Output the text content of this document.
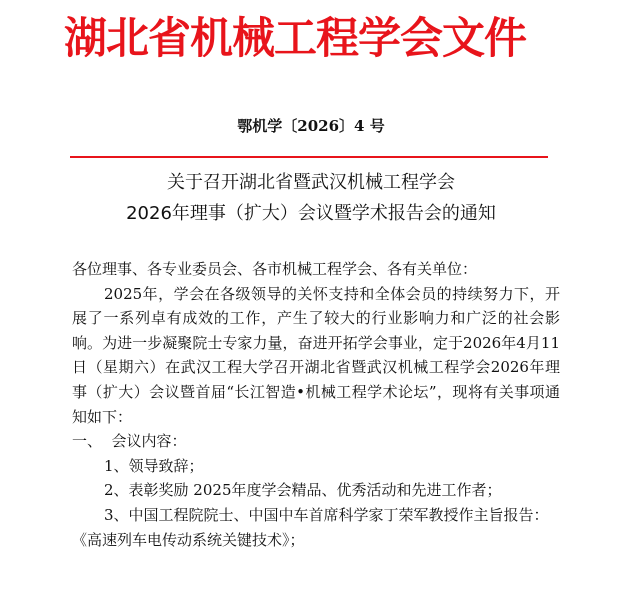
湖北省机械工程学会文件
鄂机学〔2026〕4 号
关于召开湖北省暨武汉机械工程学会
2026年理事（扩大）会议暨学术报告会的通知

各位理事、各专业委员会、各市机械工程学会、各有关单位：

2025年，学会在各级领导的关怀支持和全体会员的持续努力下，开展了一系列卓有成效的工作，产生了较大的行业影响力和广泛的社会影响。为进一步凝聚院士专家力量，奋进开拓学会事业，定于2026年4月11日（星期六）在武汉工程大学召开湖北省暨武汉机械工程学会2026年理事（扩大）会议暨首届“长江智造•机械工程学术论坛”，现将有关事项通知如下：

一、  会议内容：

1、领导致辞；

2、表彰奖励 2025年度学会精品、优秀活动和先进工作者；

3、中国工程院院士、中国中车首席科学家丁荣军教授作主旨报告：

《高速列车电传动系统关键技术》；
